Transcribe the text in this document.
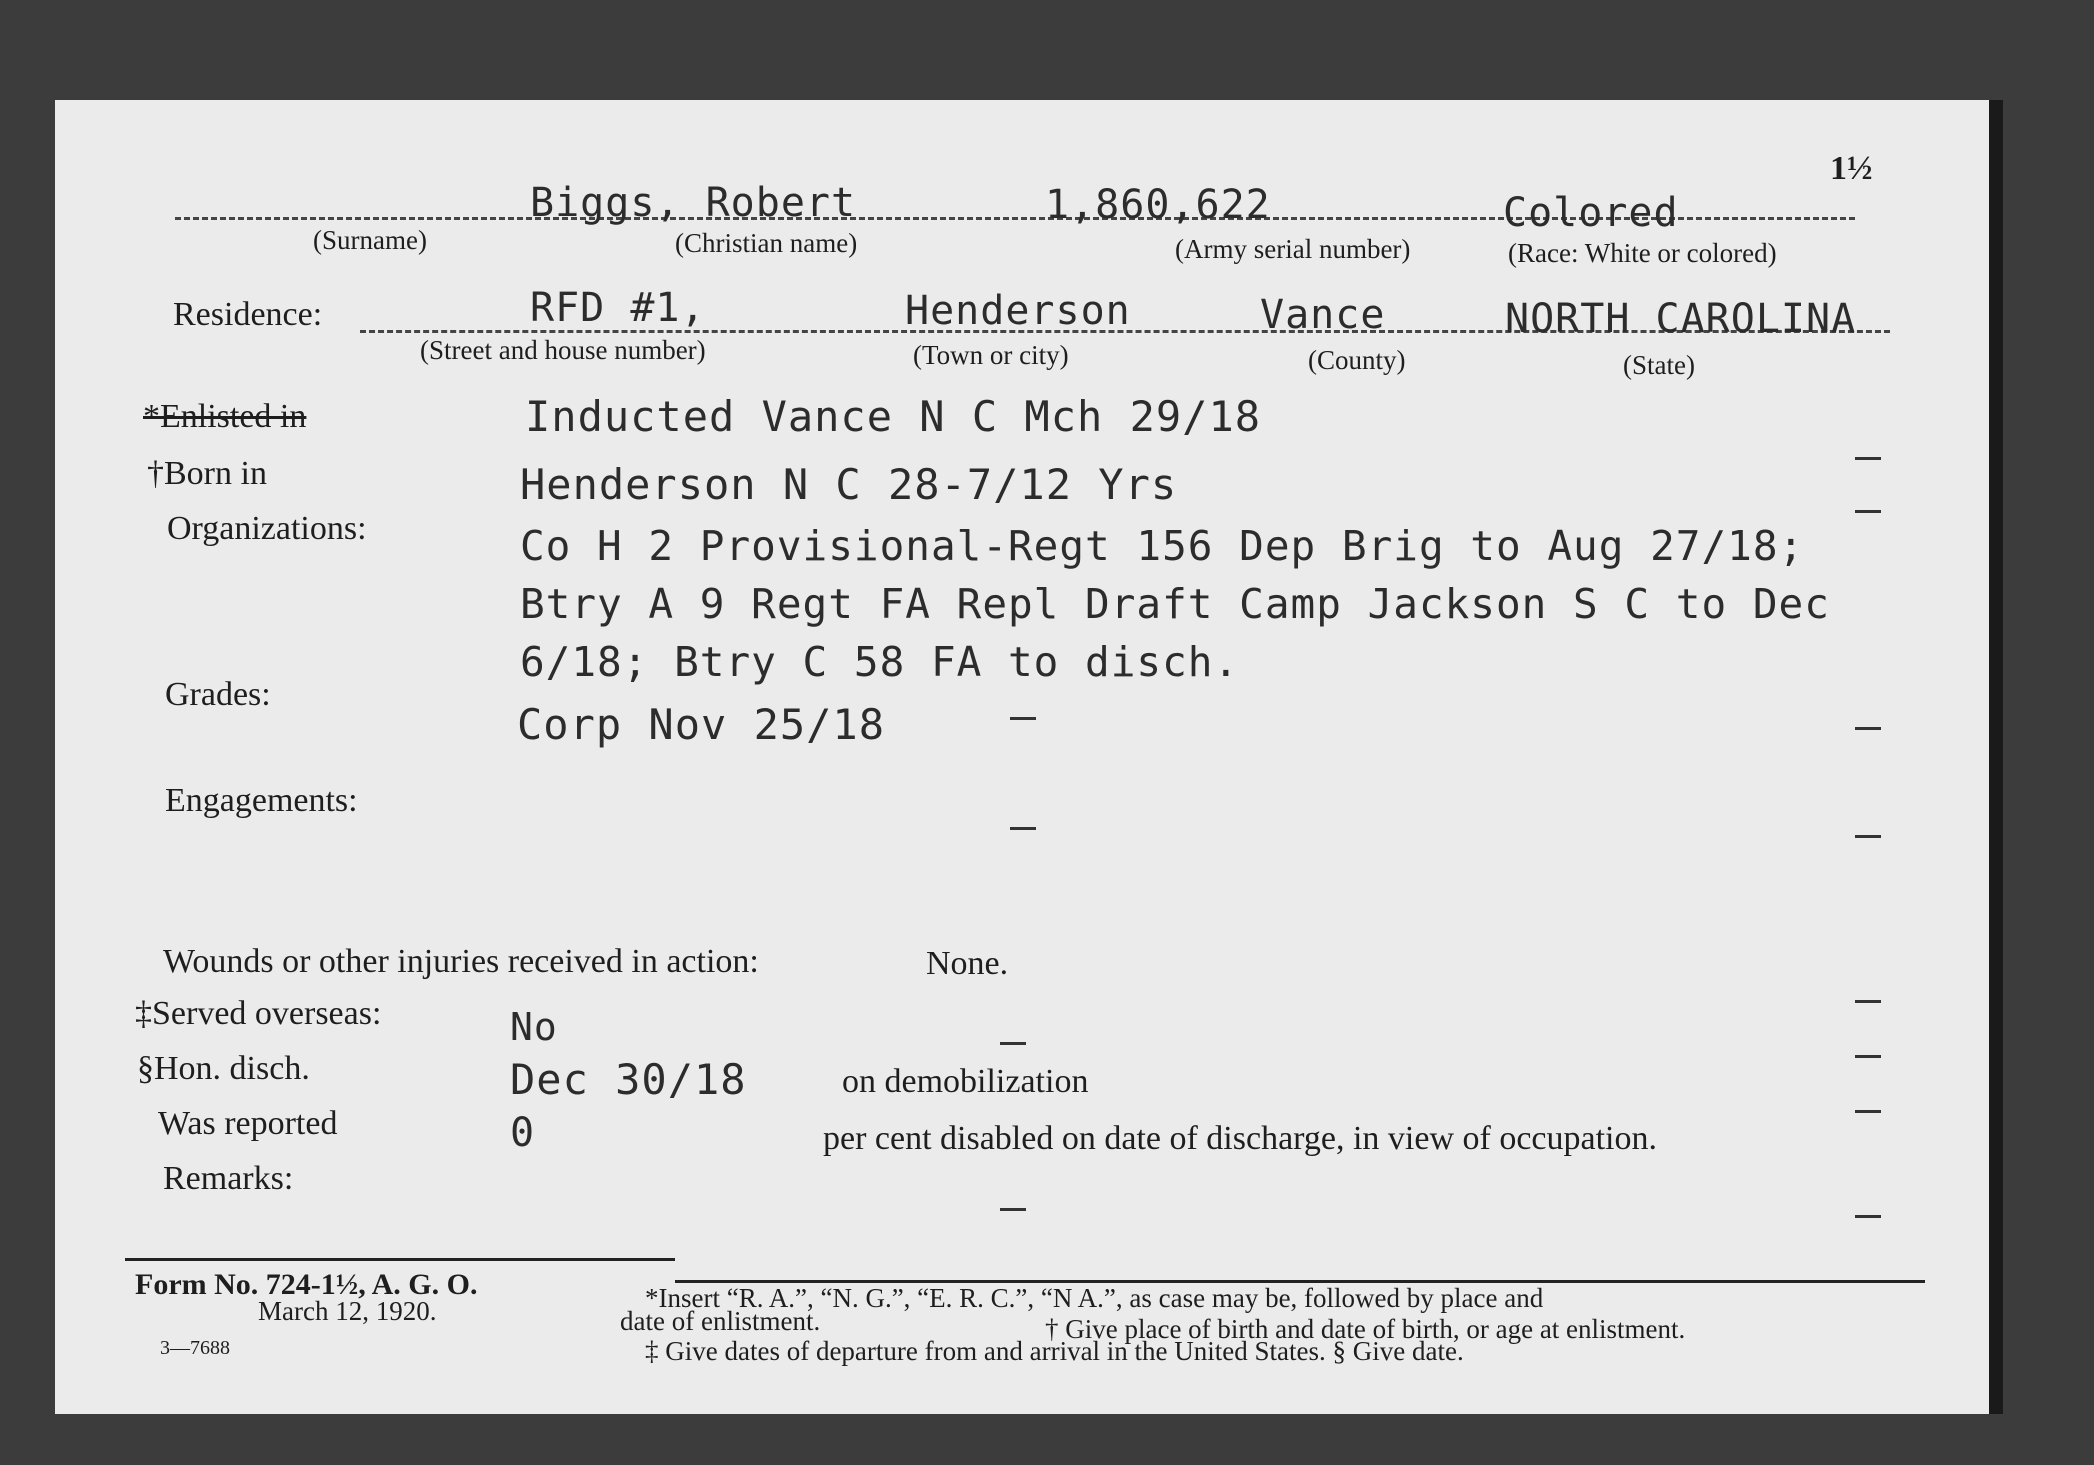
1½
Biggs, Robert	1,860,622	Colored
(Surname)	(Christian name)	(Army serial number)	(Race: White or colored)
Residence:	RFD #1,	Henderson	Vance	NORTH CAROLINA
(Street and house number)	(Town or city)	(County)	(State)
*Enlisted in	Inducted Vance N C Mch 29/18
†Born in	Henderson N C 28-7/12 Yrs
Organizations:	Co H 2 Provisional-Regt 156 Dep Brig to Aug 27/18;
Btry A 9 Regt FA Repl Draft Camp Jackson S C to Dec
6/18; Btry C 58 FA to disch.
Grades:
Corp Nov 25/18
Engagements:
Wounds or other injuries received in action:	None.
‡Served overseas:	No
§Hon. disch.	Dec 30/18	on demobilization
Was reported	0	per cent disabled on date of discharge, in view of occupation.
Remarks:
Form No. 724-1½, A. G. O.
March 12, 1920.
3—7688
*Insert “R. A.”, “N. G.”, “E. R. C.”, “N A.”, as case may be, followed by place and
date of enlistment.	† Give place of birth and date of birth, or age at enlistment.
‡ Give dates of departure from and arrival in the United States. § Give date.
